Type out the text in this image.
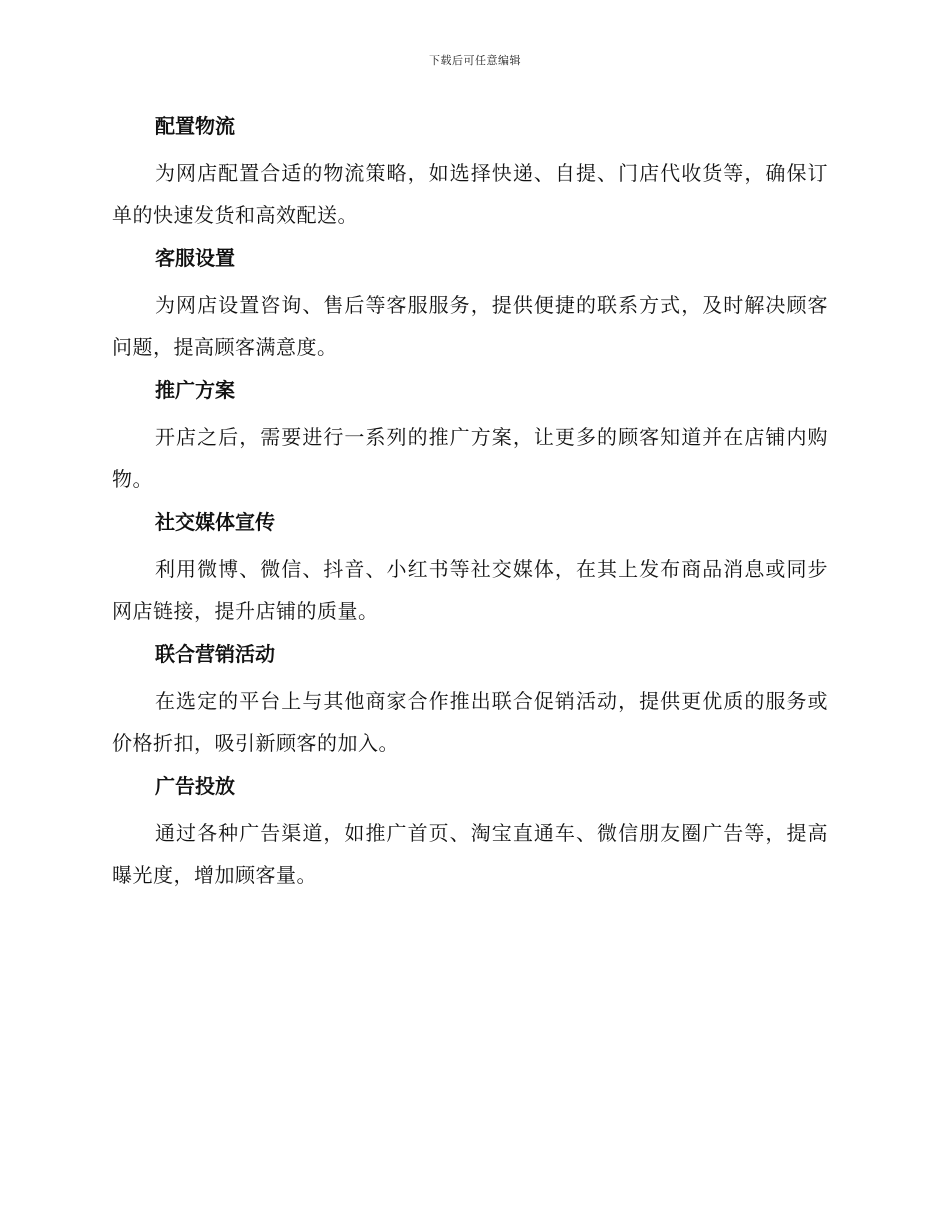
下载后可任意编辑
配置物流

为网店配置合适的物流策略，如选择快递、自提、门店代收货等，确保订单的快速发货和高效配送。

客服设置

为网店设置咨询、售后等客服服务，提供便捷的联系方式，及时解决顾客问题，提高顾客满意度。

推广方案

开店之后，需要进行一系列的推广方案，让更多的顾客知道并在店铺内购物。

社交媒体宣传

利用微博、微信、抖音、小红书等社交媒体，在其上发布商品消息或同步网店链接，提升店铺的质量。

联合营销活动

在选定的平台上与其他商家合作推出联合促销活动，提供更优质的服务或价格折扣，吸引新顾客的加入。

广告投放

通过各种广告渠道，如推广首页、淘宝直通车、微信朋友圈广告等，提高曝光度，增加顾客量。
